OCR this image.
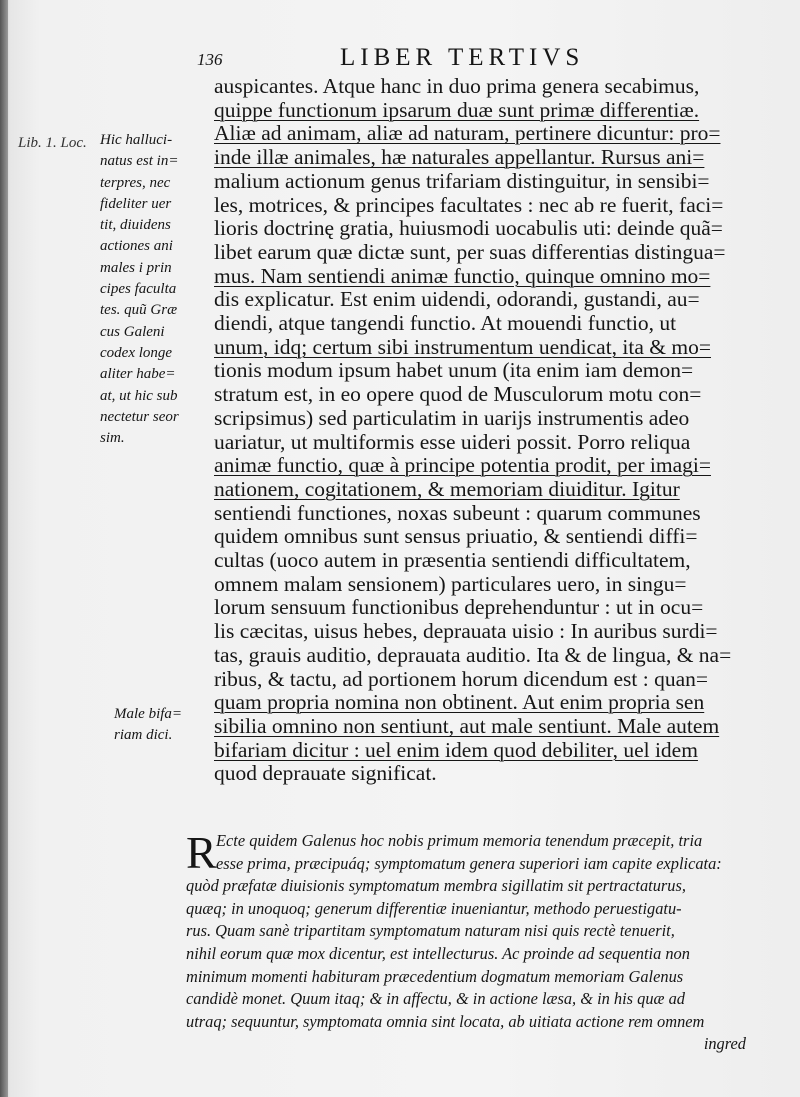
136	LIBER TERTIVS
Lib. 1. Loc. Hic halluci-
natus est in=
terpres, nec
fideliter uer
tit, diuidens
actiones ani
males i prin
cipes faculta
tes. quũ Græ
cus Galeni
codex longe
aliter habe=
at, ut hic sub
nectetur seor
sim.
Male bifa=
riam dici.
auspicantes. Atque hanc in duo prima genera secabimus,
quippe functionum ipsarum duæ sunt primæ differentiæ.
Aliæ ad animam, aliæ ad naturam, pertinere dicuntur: pro=
inde illæ animales, hæ naturales appellantur. Rursus ani=
malium actionum genus trifariam distinguitur, in sensibi=
les, motrices, & principes facultates : nec ab re fuerit, faci=
lioris doctrinę gratia, huiusmodi uocabulis uti: deinde quã=
libet earum quæ dictæ sunt, per suas differentias distingua=
mus. Nam sentiendi animæ functio, quinque omnino mo=
dis explicatur. Est enim uidendi, odorandi, gustandi, au=
diendi, atque tangendi functio. At mouendi functio, ut
unum, idq; certum sibi instrumentum uendicat, ita & mo=
tionis modum ipsum habet unum (ita enim iam demon=
stratum est, in eo opere quod de Musculorum motu con=
scripsimus) sed particulatim in uarijs instrumentis adeo
uariatur, ut multiformis esse uideri possit. Porro reliqua
animæ functio, quæ à principe potentia prodit, per imagi=
nationem, cogitationem, & memoriam diuiditur. Igitur
sentiendi functiones, noxas subeunt : quarum communes
quidem omnibus sunt sensus priuatio, & sentiendi diffi=
cultas (uoco autem in præsentia sentiendi difficultatem,
omnem malam sensionem) particulares uero, in singu=
lorum sensuum functionibus deprehenduntur : ut in ocu=
lis cæcitas, uisus hebes, deprauata uisio : In auribus surdi=
tas, grauis auditio, deprauata auditio. Ita & de lingua, & na=
ribus, & tactu, ad portionem horum dicendum est : quan=
quam propria nomina non obtinent. Aut enim propria sen
sibilia omnino non sentiunt, aut male sentiunt. Male autem
bifariam dicitur : uel enim idem quod debiliter, uel idem
quod deprauate significat.
R Ecte quidem Galenus hoc nobis primum memoria tenendum præcepit, tria
esse prima, præcipuáq; symptomatum genera superiori iam capite explicata:
quòd præfatæ diuisionis symptomatum membra sigillatim sit pertractaturus,
quæq; in unoquoq; generum differentiæ inueniantur, methodo peruestigatu-
rus. Quam sanè tripartitam symptomatum naturam nisi quis rectè tenuerit,
nihil eorum quæ mox dicentur, est intellecturus. Ac proinde ad sequentia non
minimum momenti habituram præcedentium dogmatum memoriam Galenus
candidè monet. Quum itaq; & in affectu, & in actione læsa, & in his quæ ad
utraq; sequuntur, symptomata omnia sint locata, ab uitiata actione rem omnem
ingred
